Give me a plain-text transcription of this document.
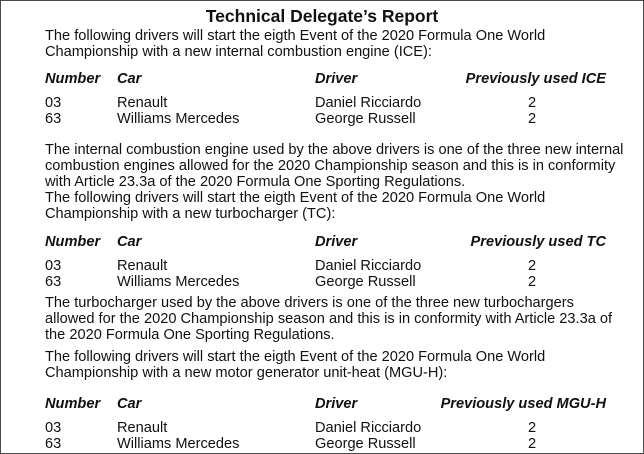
Technical Delegate’s Report
The following drivers will start the eigth Event of the 2020 Formula One World Championship with a new internal combustion engine (ICE):
Number Car	Driver	Previously used ICE
03	Renault	Daniel Ricciardo	2
63	Williams Mercedes	George Russell	2
The internal combustion engine used by the above drivers is one of the three new internal combustion engines allowed for the 2020 Championship season and this is in conformity with Article 23.3a of the 2020 Formula One Sporting Regulations.
The following drivers will start the eigth Event of the 2020 Formula One World Championship with a new turbocharger (TC):
Number Car	Driver	Previously used TC
03	Renault	Daniel Ricciardo	2
63	Williams Mercedes	George Russell	2
The turbocharger used by the above drivers is one of the three new turbochargers allowed for the 2020 Championship season and this is in conformity with Article 23.3a of the 2020 Formula One Sporting Regulations.
The following drivers will start the eigth Event of the 2020 Formula One World Championship with a new motor generator unit-heat (MGU-H):
Number Car	Driver	Previously used MGU-H
03	Renault	Daniel Ricciardo	2
63	Williams Mercedes	George Russell	2
